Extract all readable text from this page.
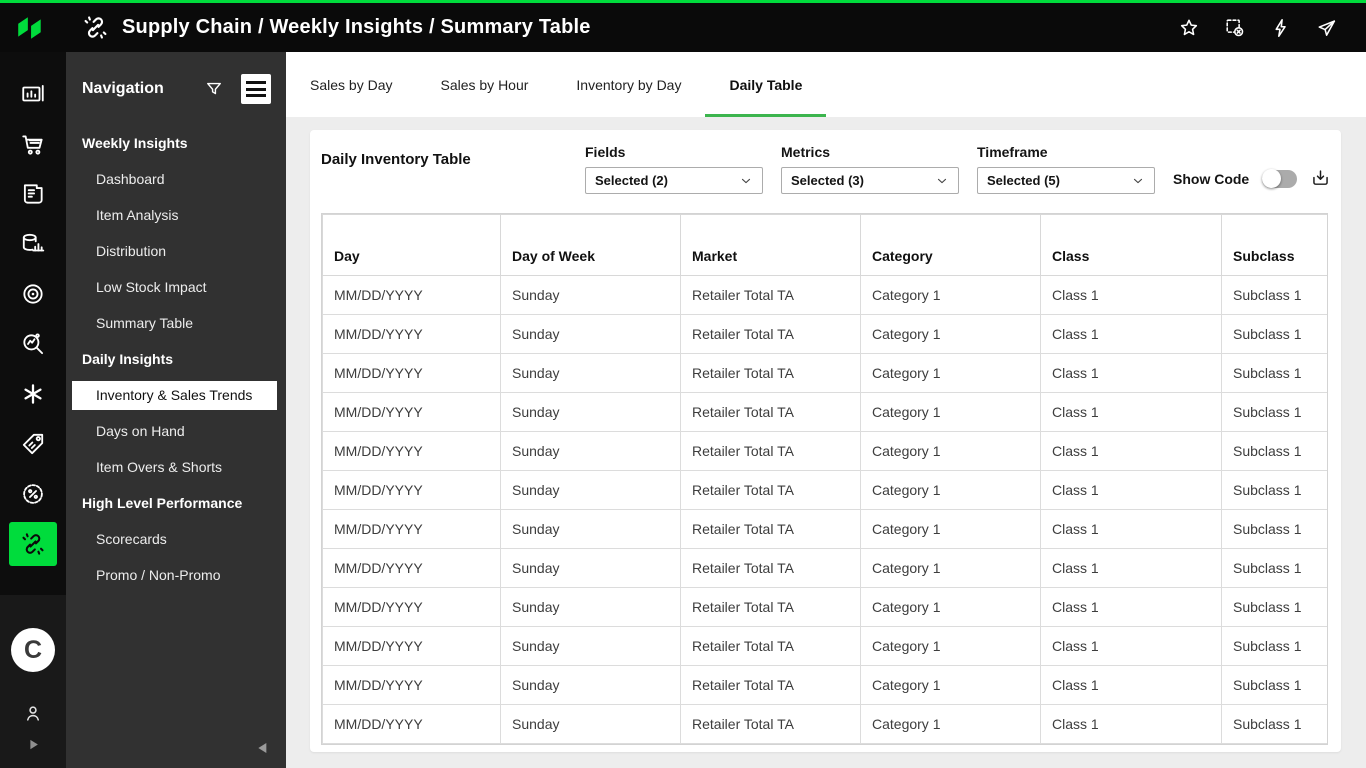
Supply Chain / Weekly Insights / Summary Table
C
Navigation
Weekly Insights
Dashboard
Item Analysis
Distribution
Low Stock Impact
Summary Table
Daily Insights
Inventory & Sales Trends
Days on Hand
Item Overs & Shorts
High Level Performance
Scorecards
Promo / Non-Promo
Sales by Day	Sales by Hour	Inventory by Day	Daily Table
Daily Inventory Table	Fields
Selected (2)
Metrics
Selected (3)
Timeframe
Selected (5)	Show Code
Day	Day of Week	Market	Category	Class	Subclass
MM/DD/YYYY	Sunday	Retailer Total TA	Category 1	Class 1	Subclass 1
MM/DD/YYYY	Sunday	Retailer Total TA	Category 1	Class 1	Subclass 1
MM/DD/YYYY	Sunday	Retailer Total TA	Category 1	Class 1	Subclass 1
MM/DD/YYYY	Sunday	Retailer Total TA	Category 1	Class 1	Subclass 1
MM/DD/YYYY	Sunday	Retailer Total TA	Category 1	Class 1	Subclass 1
MM/DD/YYYY	Sunday	Retailer Total TA	Category 1	Class 1	Subclass 1
MM/DD/YYYY	Sunday	Retailer Total TA	Category 1	Class 1	Subclass 1
MM/DD/YYYY	Sunday	Retailer Total TA	Category 1	Class 1	Subclass 1
MM/DD/YYYY	Sunday	Retailer Total TA	Category 1	Class 1	Subclass 1
MM/DD/YYYY	Sunday	Retailer Total TA	Category 1	Class 1	Subclass 1
MM/DD/YYYY	Sunday	Retailer Total TA	Category 1	Class 1	Subclass 1
MM/DD/YYYY	Sunday	Retailer Total TA	Category 1	Class 1	Subclass 1
